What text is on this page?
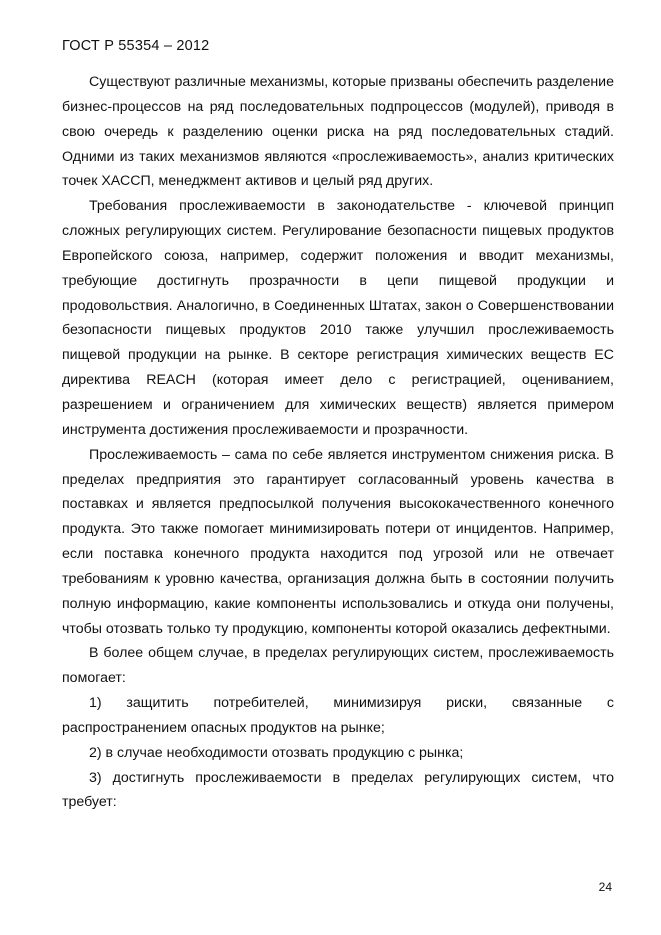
ГОСТ Р 55354 – 2012

Существуют различные механизмы, которые призваны обеспечить разделение бизнес-процессов на ряд последовательных подпроцессов (модулей), приводя в свою очередь к разделению оценки риска на ряд последовательных стадий. Одними из таких механизмов являются «прослеживаемость», анализ критических точек ХАССП, менеджмент активов и целый ряд других.

Требования прослеживаемости в законодательстве - ключевой принцип сложных регулирующих систем. Регулирование безопасности пищевых продуктов Европейского союза, например, содержит положения и вводит механизмы, требующие достигнуть прозрачности в цепи пищевой продукции и продовольствия. Аналогично, в Соединенных Штатах, закон о Совершенствовании безопасности пищевых продуктов 2010 также улучшил прослеживаемость пищевой продукции на рынке. В секторе регистрация химических веществ ЕС директива REACH (которая имеет дело с регистрацией, оцениванием, разрешением и ограничением для химических веществ) является примером инструмента достижения прослеживаемости и прозрачности.

Прослеживаемость – сама по себе является инструментом снижения риска. В пределах предприятия это гарантирует согласованный уровень качества в поставках и является предпосылкой получения высококачественного конечного продукта. Это также помогает минимизировать потери от инцидентов. Например, если поставка конечного продукта находится под угрозой или не отвечает требованиям к уровню качества, организация должна быть в состоянии получить полную информацию, какие компоненты использовались и откуда они получены, чтобы отозвать только ту продукцию, компоненты которой оказались дефектными.

В более общем случае, в пределах регулирующих систем, прослеживаемость помогает:

1) защитить потребителей, минимизируя риски, связанные с распространением опасных продуктов на рынке;

2) в случае необходимости отозвать продукцию с рынка;

3) достигнуть прослеживаемости в пределах регулирующих систем, что требует:

24
